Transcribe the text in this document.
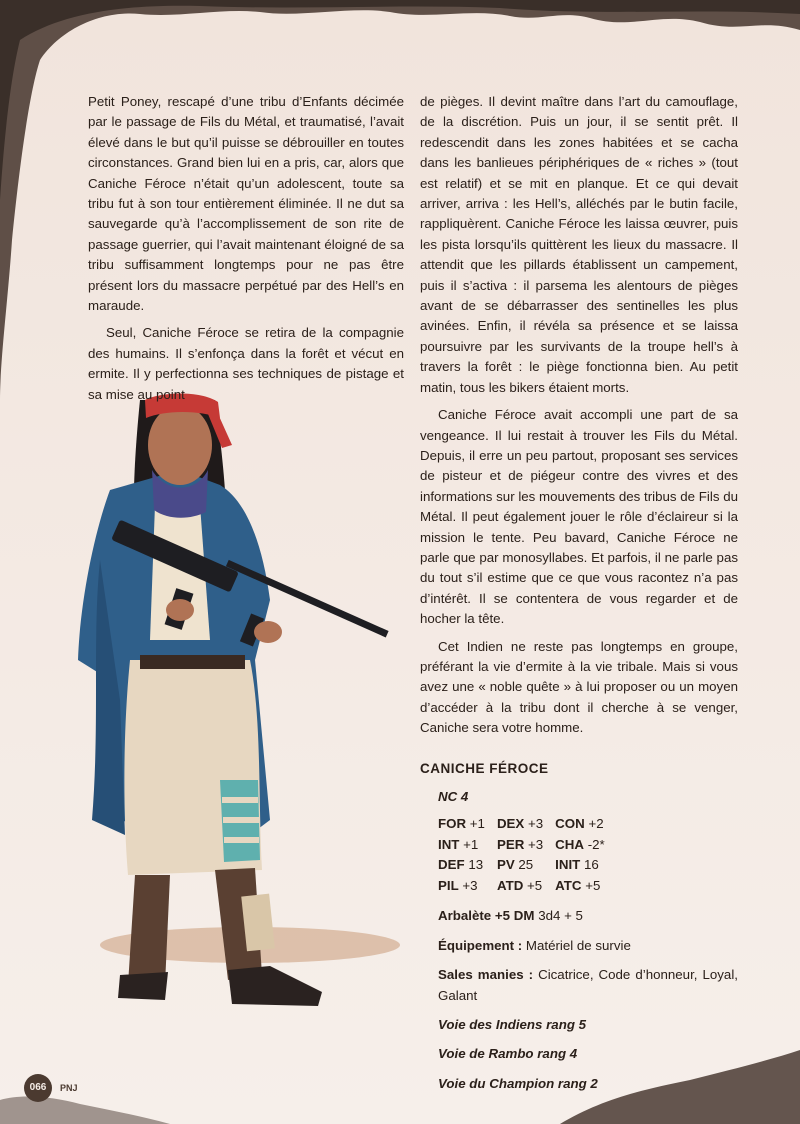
Petit Poney, rescapé d’une tribu d’Enfants décimée par le passage de Fils du Métal, et traumatisé, l’avait élevé dans le but qu’il puisse se débrouiller en toutes circonstances. Grand bien lui en a pris, car, alors que Caniche Féroce n’était qu’un adolescent, toute sa tribu fut à son tour entièrement éliminée. Il ne dut sa sauvegarde qu’à l’accomplissement de son rite de passage guerrier, qui l’avait maintenant éloigné de sa tribu suffisamment longtemps pour ne pas être présent lors du massacre perpétué par des Hell’s en maraude.

Seul, Caniche Féroce se retira de la compagnie des humains. Il s’enfonça dans la forêt et vécut en ermite. Il y perfectionna ses techniques de pistage et sa mise au point

de pièges. Il devint maître dans l’art du camouflage, de la discrétion. Puis un jour, il se sentit prêt. Il redescendit dans les zones habitées et se cacha dans les banlieues périphériques de « riches » (tout est relatif) et se mit en planque. Et ce qui devait arriver, arriva : les Hell’s, alléchés par le butin facile, rappliquèrent. Caniche Féroce les laissa œuvrer, puis les pista lorsqu’ils quittèrent les lieux du massacre. Il attendit que les pillards établissent un campement, puis il s’activa : il parsema les alentours de pièges avant de se débarrasser des sentinelles les plus avinées. Enfin, il révéla sa présence et se laissa poursuivre par les survivants de la troupe hell’s à travers la forêt : le piège fonctionna bien. Au petit matin, tous les bikers étaient morts.

Caniche Féroce avait accompli une part de sa vengeance. Il lui restait à trouver les Fils du Métal. Depuis, il erre un peu partout, proposant ses services de pisteur et de piégeur contre des vivres et des informations sur les mouvements des tribus de Fils du Métal. Il peut également jouer le rôle d’éclaireur si la mission le tente. Peu bavard, Caniche Féroce ne parle que par monosyllabes. Et parfois, il ne parle pas du tout s’il estime que ce que vous racontez n’a pas d’intérêt. Il se contentera de vous regarder et de hocher la tête.

Cet Indien ne reste pas longtemps en groupe, préférant la vie d’ermite à la vie tribale. Mais si vous avez une « noble quête » à lui proposer ou un moyen d’accéder à la tribu dont il cherche à se venger, Caniche sera votre homme.

CANICHE FÉROCE
NC 4
FOR +1	DEX +3	CON +2
INT +1	PER +3	CHA -2*
DEF 13	PV 25	INIT 16
PIL +3	ATD +5	ATC +5
Arbalète +5 DM 3d4 + 5
Équipement : Matériel de survie
Sales manies : Cicatrice, Code d’honneur, Loyal, Galant
Voie des Indiens rang 5
Voie de Rambo rang 4
Voie du Champion rang 2
066	PNJ
